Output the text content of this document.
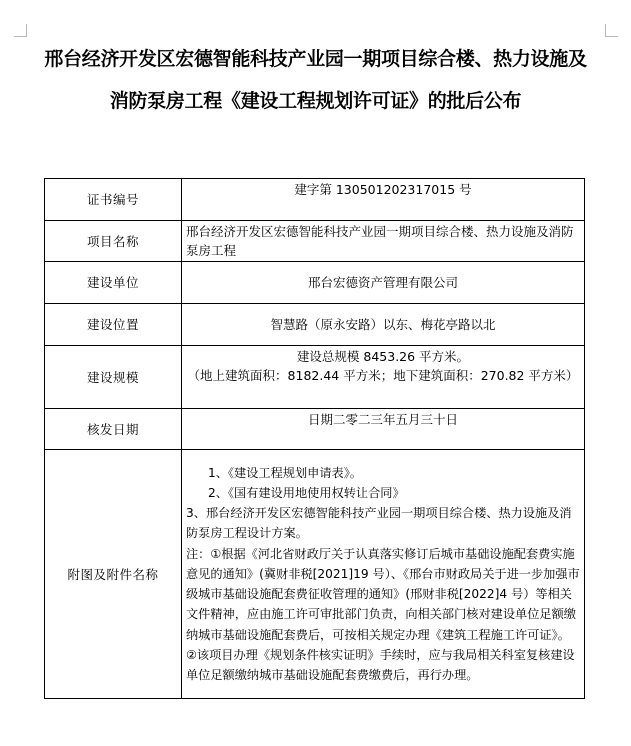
邢台经济开发区宏德智能科技产业园一期项目综合楼、热力设施及
消防泵房工程《建设工程规划许可证》的批后公布
证书编号	建字第 130501202317015 号
项目名称	邢台经济开发区宏德智能科技产业园一期项目综合楼、热力设施及消防泵房工程
建设单位	邢台宏德资产管理有限公司
建设位置	智慧路（原永安路）以东、梅花亭路以北
建设规模	建设总规模 8453.26 平方米。
（地上建筑面积：8182.44 平方米；地下建筑面积：270.82 平方米）

核发日期	日期二零二三年五月三十日
附图及附件名称	1、《建设工程规划申请表》。
2、《国有建设用地使用权转让合同》
3、邢台经济开发区宏德智能科技产业园一期项目综合楼、热力设施及消防泵房工程设计方案。
注：①根据《河北省财政厅关于认真落实修订后城市基础设施配套费实施意见的通知》(冀财非税[2021]19 号）、《邢台市财政局关于进一步加强市级城市基础设施配套费征收管理的通知》(邢财非税[2022]4 号）等相关文件精神，应由施工许可审批部门负责，向相关部门核对建设单位足额缴纳城市基础设施配套费后，可按相关规定办理《建筑工程施工许可证》。②该项目办理《规划条件核实证明》手续时，应与我局相关科室复核建设单位足额缴纳城市基础设施配套费缴费后，再行办理。
